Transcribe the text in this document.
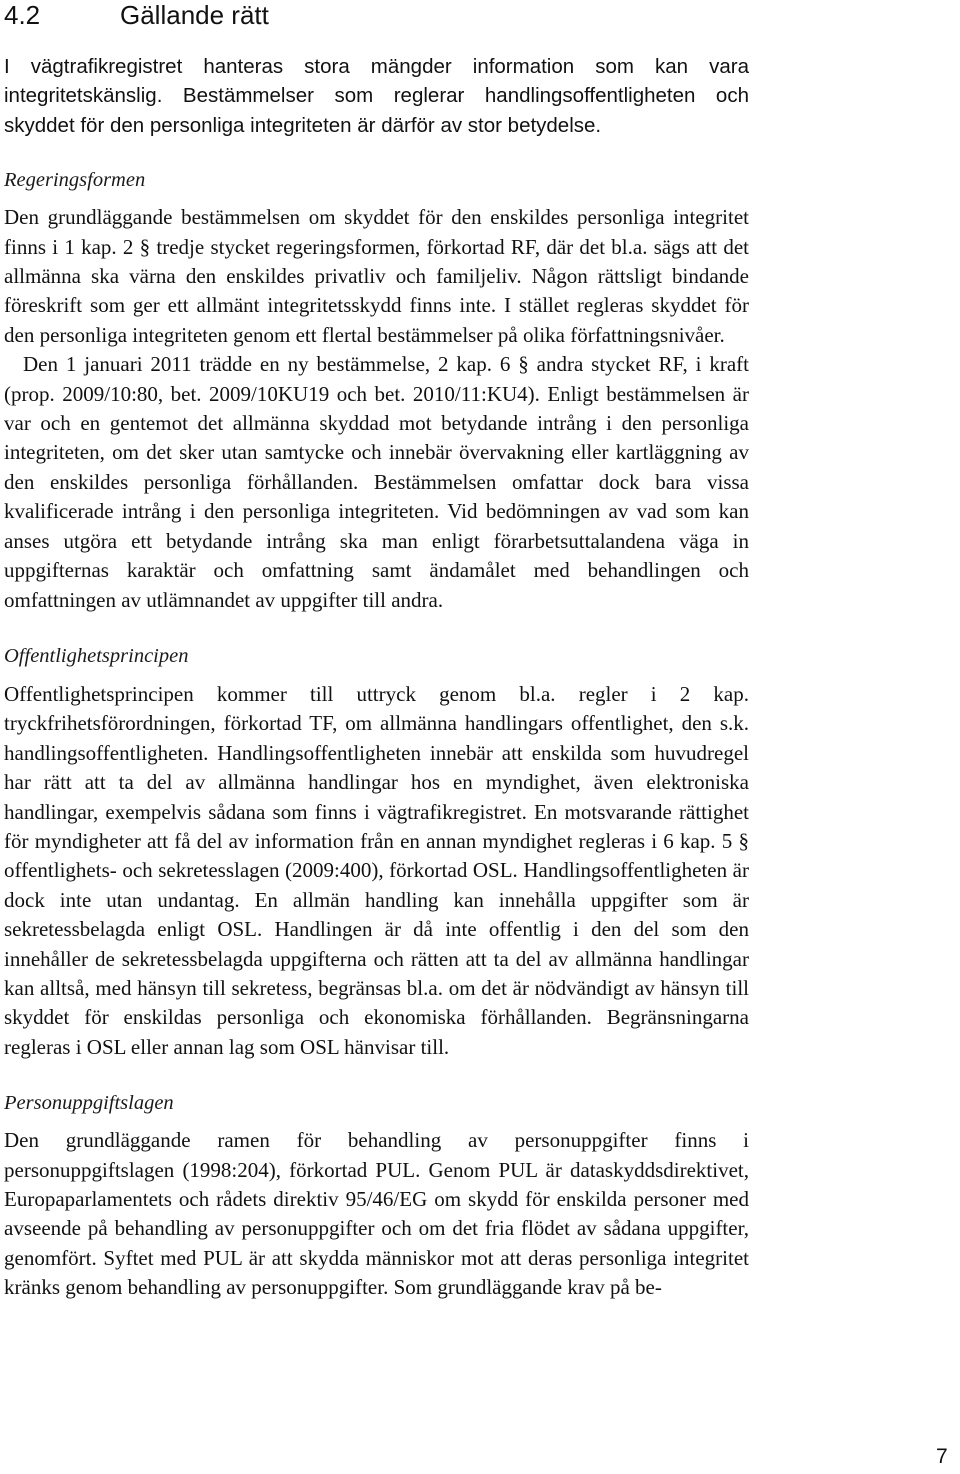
4.2	Gällande rätt

I vägtrafikregistret hanteras stora mängder information som kan vara integritetskänslig. Bestämmelser som reglerar handlingsoffentligheten och skyddet för den personliga integriteten är därför av stor betydelse.

Regeringsformen

Den grundläggande bestämmelsen om skyddet för den enskildes personliga integritet finns i 1 kap. 2 § tredje stycket regeringsformen, förkortad RF, där det bl.a. sägs att det allmänna ska värna den enskildes privatliv och familjeliv. Någon rättsligt bindande föreskrift som ger ett allmänt integritetsskydd finns inte. I stället regleras skyddet för den personliga integriteten genom ett flertal bestämmelser på olika författningsnivåer.

Den 1 januari 2011 trädde en ny bestämmelse, 2 kap. 6 § andra stycket RF, i kraft (prop. 2009/10:80, bet. 2009/10KU19 och bet. 2010/11:KU4). Enligt bestämmelsen är var och en gentemot det allmänna skyddad mot betydande intrång i den personliga integriteten, om det sker utan samtycke och innebär övervakning eller kartläggning av den enskildes personliga förhållanden. Bestämmelsen omfattar dock bara vissa kvalificerade intrång i den personliga integriteten. Vid bedömningen av vad som kan anses utgöra ett betydande intrång ska man enligt förarbetsuttalandena väga in uppgifternas karaktär och omfattning samt ändamålet med behandlingen och omfattningen av utlämnandet av uppgifter till andra.

Offentlighetsprincipen

Offentlighetsprincipen kommer till uttryck genom bl.a. regler i 2 kap. tryckfrihetsförordningen, förkortad TF, om allmänna handlingars offentlighet, den s.k. handlingsoffentligheten. Handlingsoffentligheten innebär att enskilda som huvudregel har rätt att ta del av allmänna handlingar hos en myndighet, även elektroniska handlingar, exempelvis sådana som finns i vägtrafikregistret. En motsvarande rättighet för myndigheter att få del av information från en annan myndighet regleras i 6 kap. 5 § offentlighets- och sekretesslagen (2009:400), förkortad OSL. Handlingsoffentligheten är dock inte utan undantag. En allmän handling kan innehålla uppgifter som är sekretessbelagda enligt OSL. Handlingen är då inte offentlig i den del som den innehåller de sekretessbelagda uppgifterna och rätten att ta del av allmänna handlingar kan alltså, med hänsyn till sekretess, begränsas bl.a. om det är nödvändigt av hänsyn till skyddet för enskildas personliga och ekonomiska förhållanden. Begränsningarna regleras i OSL eller annan lag som OSL hänvisar till.

Personuppgiftslagen

Den grundläggande ramen för behandling av personuppgifter finns i personuppgiftslagen (1998:204), förkortad PUL. Genom PUL är dataskyddsdirektivet, Europaparlamentets och rådets direktiv 95/46/EG om skydd för enskilda personer med avseende på behandling av personuppgifter och om det fria flödet av sådana uppgifter, genomfört. Syftet med PUL är att skydda människor mot att deras personliga integritet kränks genom behandling av personuppgifter. Som grundläggande krav på be-

7
